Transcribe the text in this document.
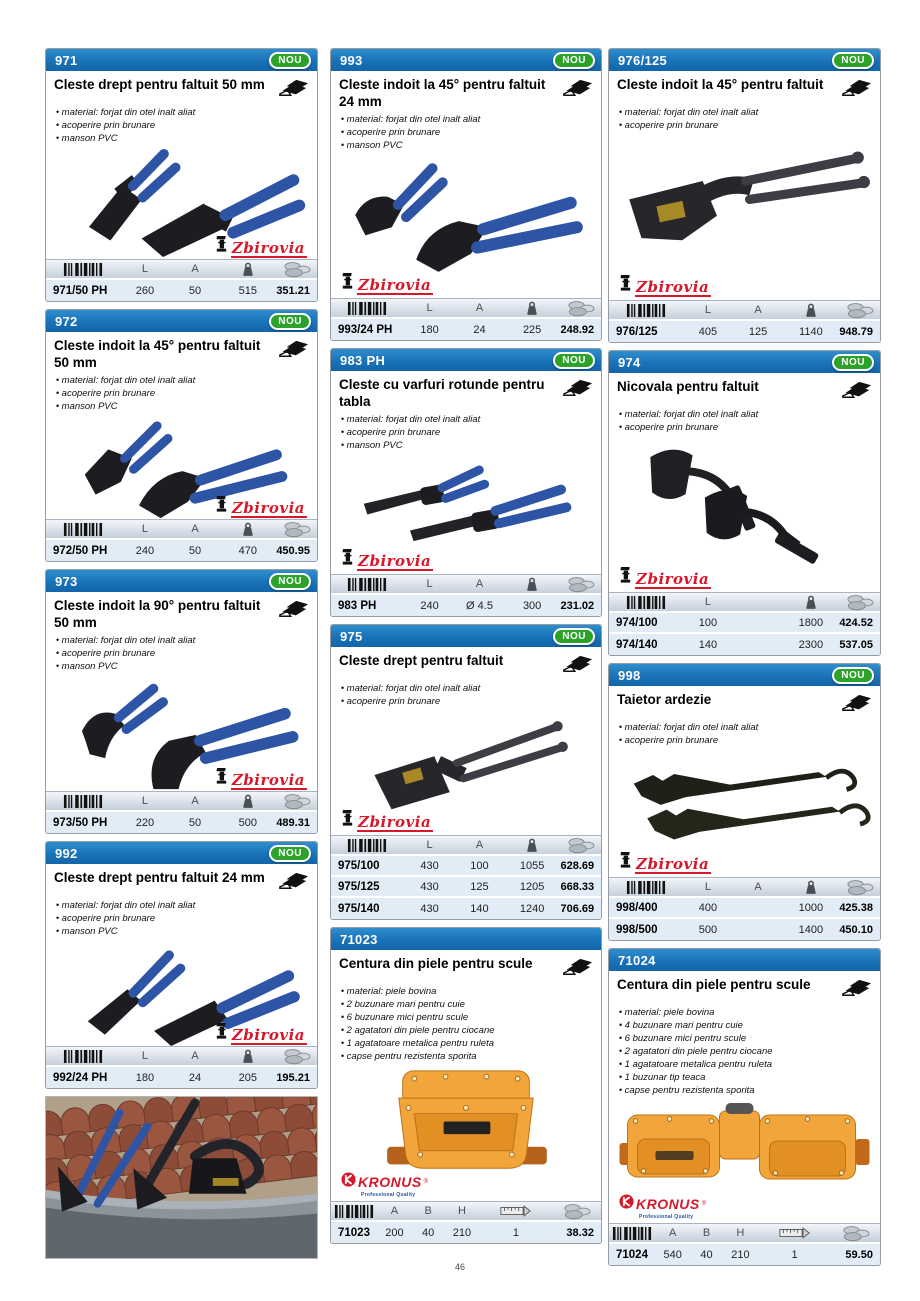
971	NOU
Cleste drept pentru faltuit 50 mm
• material: forjat din otel inalt aliat
• acoperire prin brunare
• manson PVC
Zbirovia
L	A
971/50 PH	260	50	515	351.21
972	NOU
Cleste indoit la 45° pentru faltuit 50 mm
• material: forjat din otel inalt aliat
• acoperire prin brunare
• manson PVC
Zbirovia
L	A
972/50 PH	240	50	470	450.95
973	NOU
Cleste indoit la 90° pentru faltuit 50 mm
• material: forjat din otel inalt aliat
• acoperire prin brunare
• manson PVC
Zbirovia
L	A
973/50 PH	220	50	500	489.31
992	NOU
Cleste drept pentru faltuit 24 mm
• material: forjat din otel inalt aliat
• acoperire prin brunare
• manson PVC
Zbirovia
L	A
992/24 PH	180	24	205	195.21
993	NOU
Cleste indoit la 45° pentru faltuit 24 mm
• material: forjat din otel inalt aliat
• acoperire prin brunare
• manson PVC
Zbirovia
L	A
993/24 PH	180	24	225	248.92
983 PH	NOU
Cleste cu varfuri rotunde pentru tabla
• material: forjat din otel inalt aliat
• acoperire prin brunare
• manson PVC
Zbirovia
L	A
983 PH	240	Ø 4.5	300	231.02
975	NOU
Cleste drept pentru faltuit
• material: forjat din otel inalt aliat
• acoperire prin brunare
Zbirovia
L	A
975/100	430	100	1055	628.69
975/125	430	125	1205	668.33
975/140	430	140	1240	706.69
71023
Centura din piele pentru scule
• material: piele bovina
• 2 buzunare mari pentru cuie
• 6 buzunare mici pentru scule
• 2 agatatori din piele pentru ciocane
• 1 agatatoare metalica pentru ruleta
• capse pentru rezistenta sporita
KRONUS ®
Professional Quality
A	B	H
71023	200	40	210	1	38.32
976/125	NOU
Cleste indoit la 45° pentru faltuit
• material: forjat din otel inalt aliat
• acoperire prin brunare
Zbirovia
L	A
976/125	405	125	1140	948.79
974	NOU
Nicovala pentru faltuit
• material: forjat din otel inalt aliat
• acoperire prin brunare
Zbirovia
L
974/100	100	1800	424.52
974/140	140	2300	537.05
998	NOU
Taietor ardezie
• material: forjat din otel inalt aliat
• acoperire prin brunare
Zbirovia
L	A
998/400	400	1000	425.38
998/500	500	1400	450.10
71024
Centura din piele pentru scule
• material: piele bovina
• 4 buzunare mari pentru cuie
• 6 buzunare mici pentru scule
• 2 agatatori din piele pentru ciocane
• 1 agatatoare metalica pentru ruleta
• 1 buzunar tip teaca
• capse pentru rezistenta sporita
KRONUS ®
Professional Quality
A	B	H
71024	540	40	210	1	59.50
46
